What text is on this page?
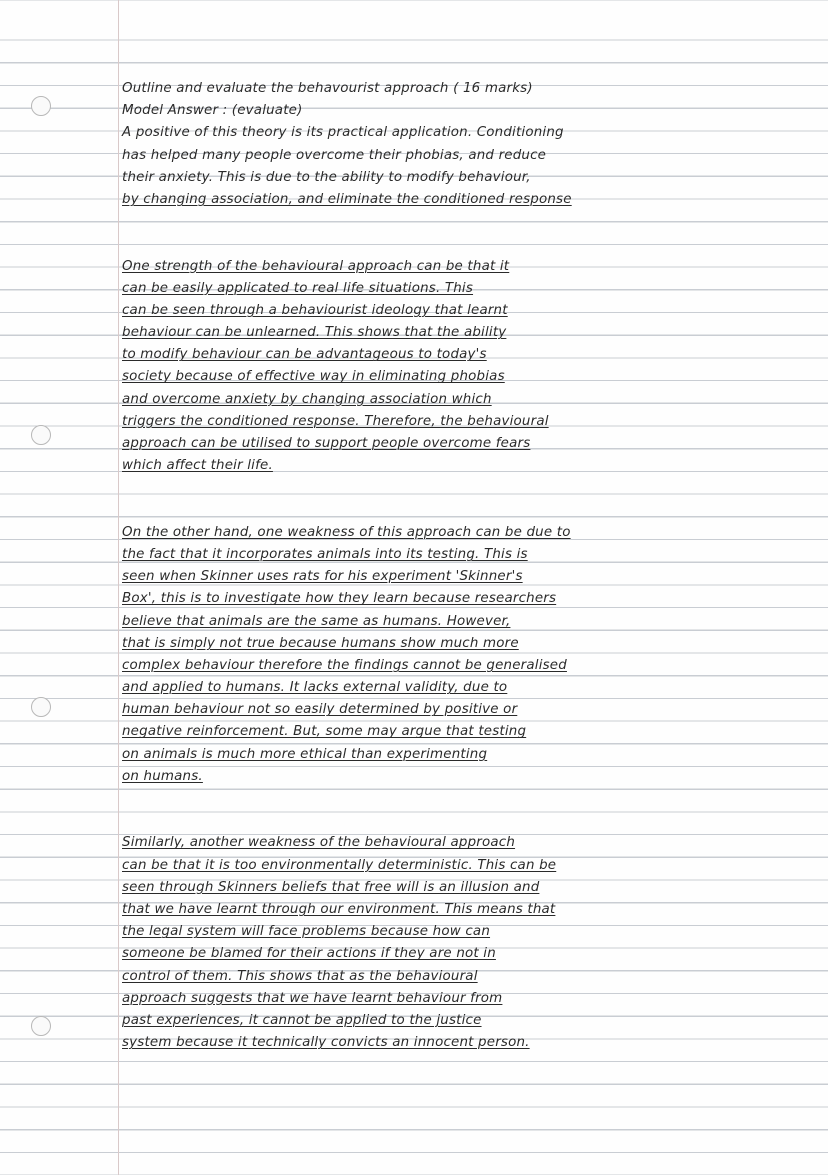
Outline and evaluate the behavourist approach ( 16 marks)
Model Answer : (evaluate)
A positive of this theory is its practical application. Conditioning
has helped many people overcome their phobias, and reduce
their anxiety. This is due to the ability to modify behaviour,
by changing association, and eliminate the conditioned response
One strength of the behavioural approach can be that it
can be easily applicated to real life situations. This
can be seen through a behaviourist ideology that learnt
behaviour can be unlearned. This shows that the ability
to modify behaviour can be advantageous to today's
society because of effective way in eliminating phobias
and overcome anxiety by changing association which
triggers the conditioned response. Therefore, the behavioural
approach can be utilised to support people overcome fears
which affect their life.
On the other hand, one weakness of this approach can be due to
the fact that it incorporates animals into its testing. This is
seen when Skinner uses rats for his experiment 'Skinner's
Box', this is to investigate how they learn because researchers
believe that animals are the same as humans. However,
that is simply not true because humans show much more
complex behaviour therefore the findings cannot be generalised
and applied to humans. It lacks external validity, due to
human behaviour not so easily determined by positive or
negative reinforcement. But, some may argue that testing
on animals is much more ethical than experimenting
on humans.
Similarly, another weakness of the behavioural approach
can be that it is too environmentally deterministic. This can be
seen through Skinners beliefs that free will is an illusion and
that we have learnt through our environment. This means that
the legal system will face problems because how can
someone be blamed for their actions if they are not in
control of them. This shows that as the behavioural
approach suggests that we have learnt behaviour from
past experiences, it cannot be applied to the justice
system because it technically convicts an innocent person.
